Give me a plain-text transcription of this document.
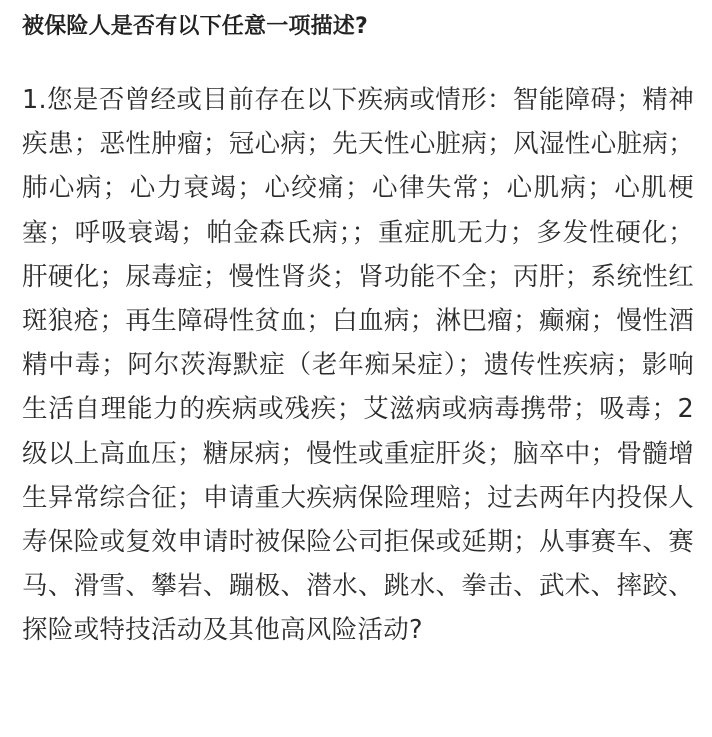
被保险人是否有以下任意一项描述?

1.您是否曾经或目前存在以下疾病或情形：智能障碍；精神疾患；恶性肿瘤；冠心病；先天性心脏病；风湿性心脏病；肺心病；心力衰竭；心绞痛；心律失常；心肌病；心肌梗塞；呼吸衰竭；帕金森氏病；；重症肌无力；多发性硬化；肝硬化；尿毒症；慢性肾炎；肾功能不全；丙肝；系统性红斑狼疮；再生障碍性贫血；白血病；淋巴瘤；癫痫；慢性酒精中毒；阿尔茨海默症（老年痴呆症）；遗传性疾病；影响生活自理能力的疾病或残疾；艾滋病或病毒携带；吸毒；2级以上高血压；糖尿病；慢性或重症肝炎；脑卒中；骨髓增生异常综合征；申请重大疾病保险理赔；过去两年内投保人寿保险或复效申请时被保险公司拒保或延期；从事赛车、赛马、滑雪、攀岩、蹦极、潜水、跳水、拳击、武术、摔跤、探险或特技活动及其他高风险活动?
